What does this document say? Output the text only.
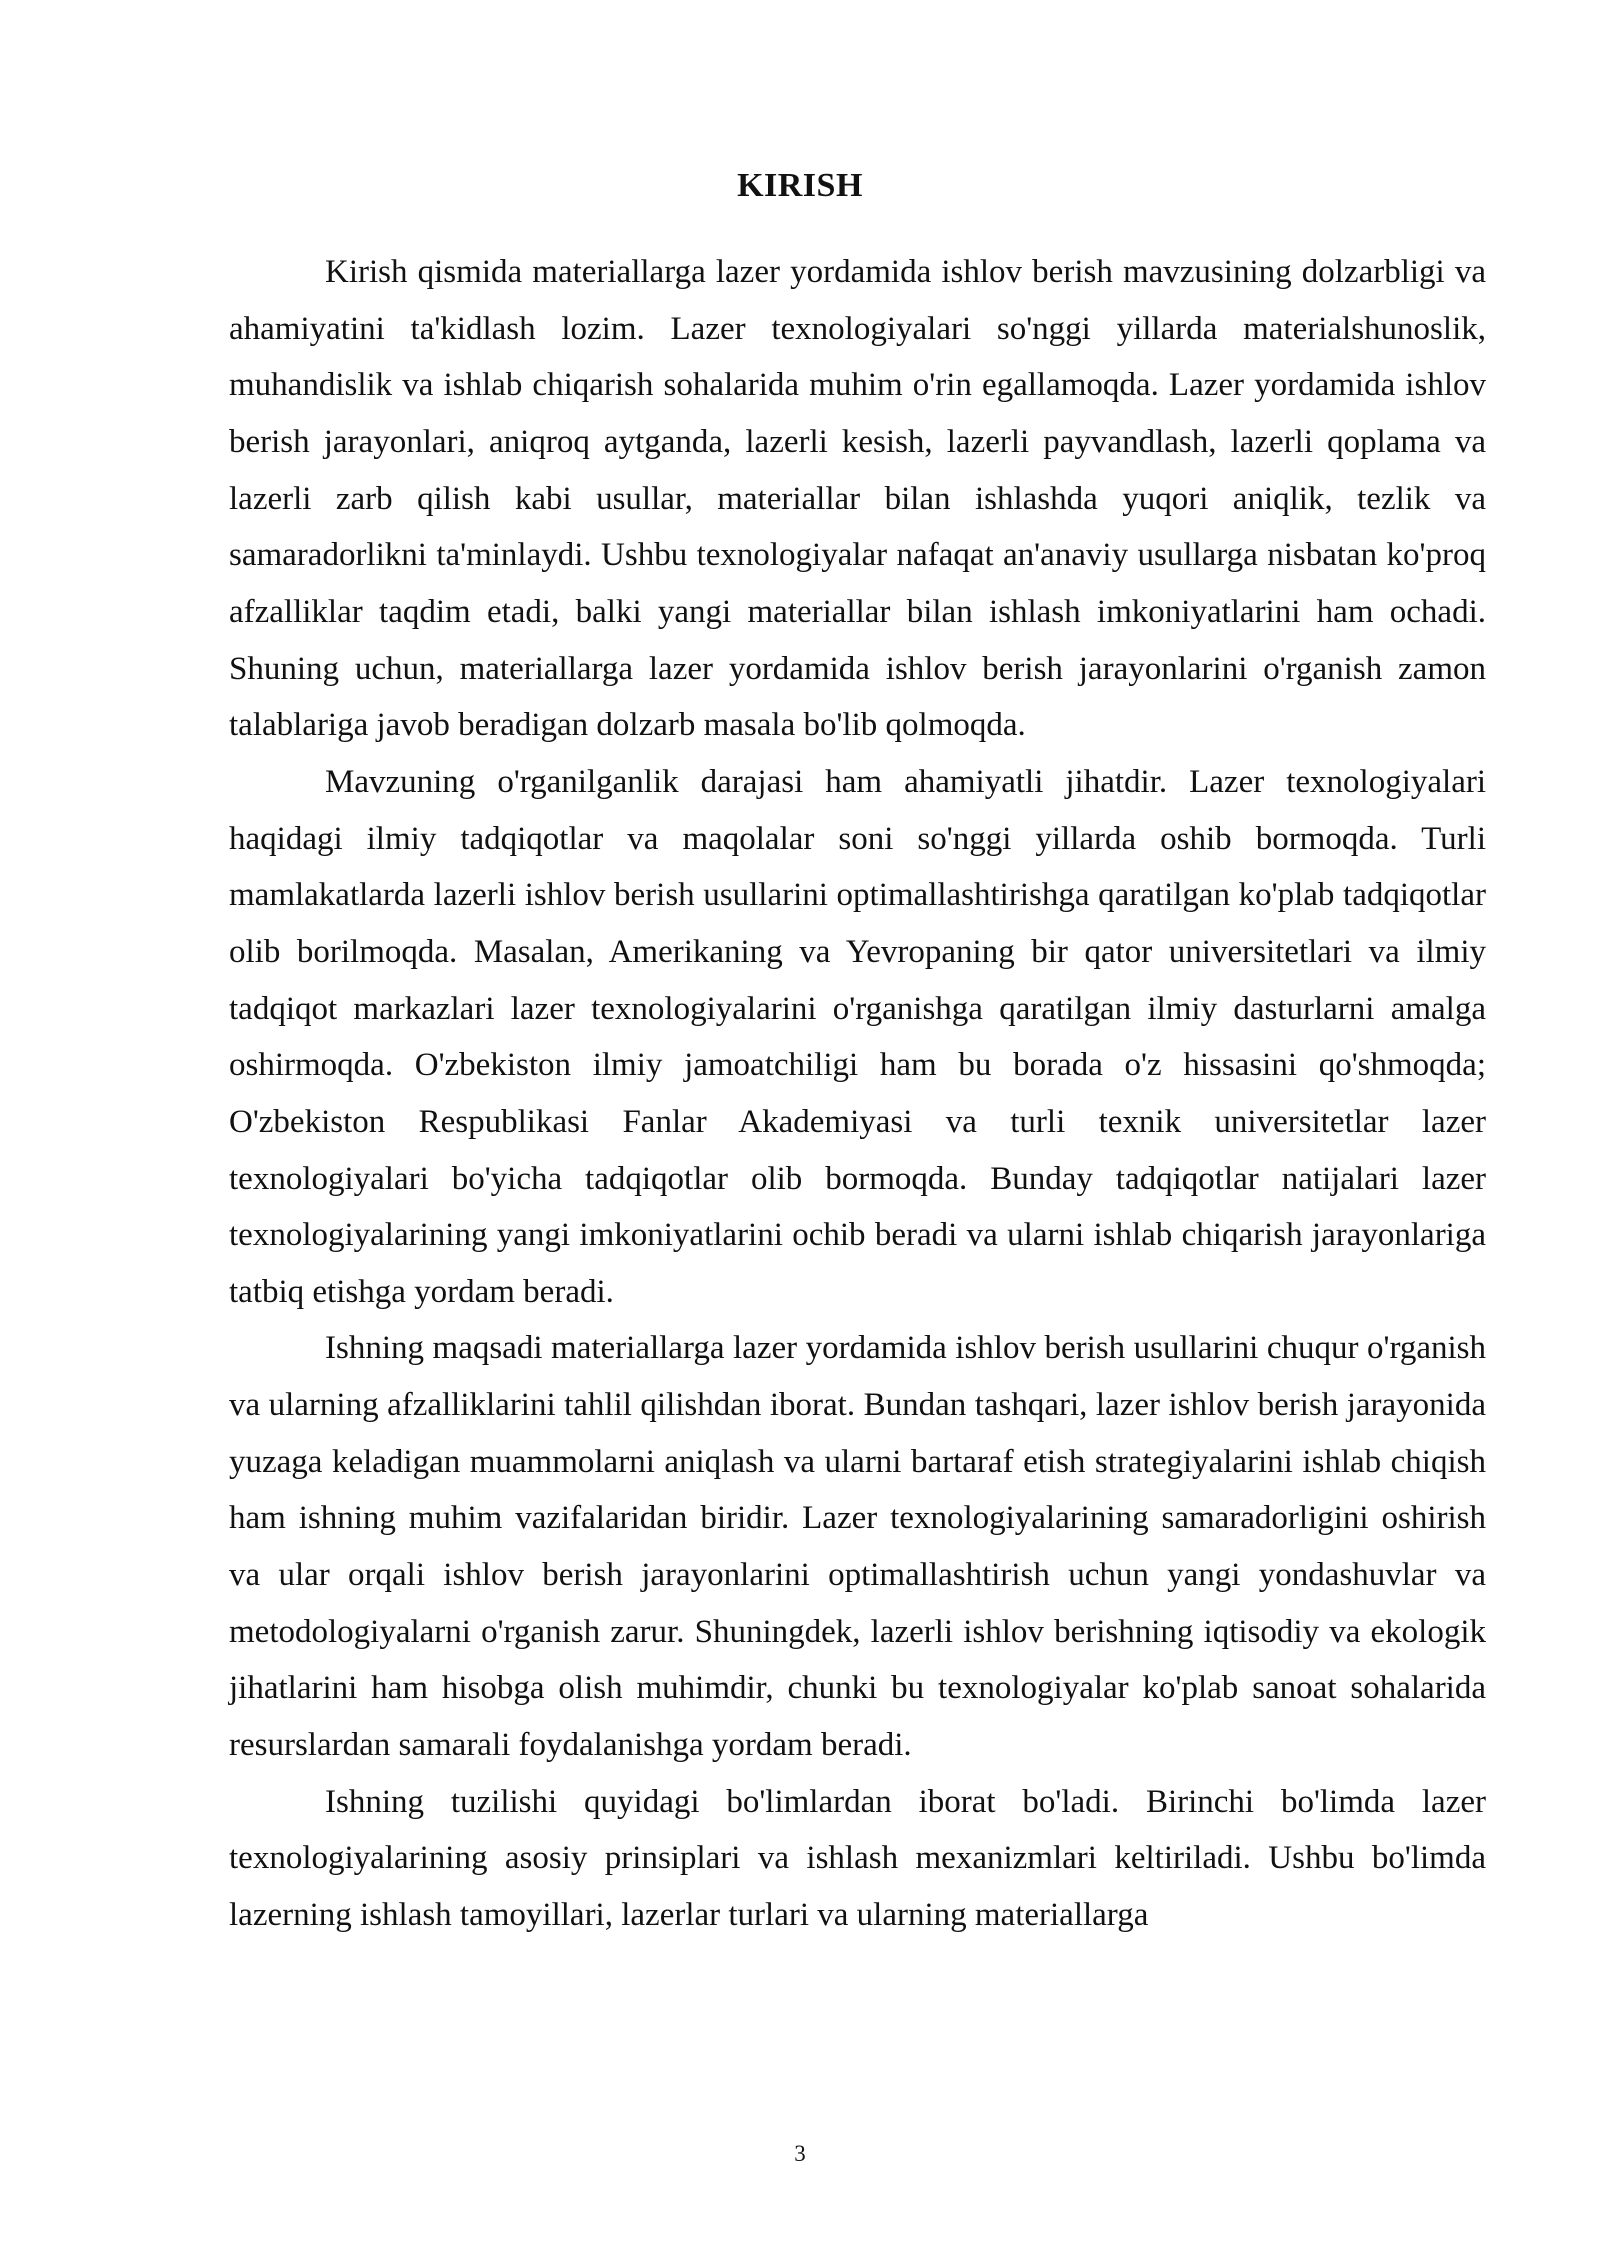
KIRISH

Kirish qismida materiallarga lazer yordamida ishlov berish mavzusining dolzarbligi va ahamiyatini ta'kidlash lozim. Lazer texnologiyalari so'nggi yillarda materialshunoslik, muhandislik va ishlab chiqarish sohalarida muhim o'rin egallamoqda. Lazer yordamida ishlov berish jarayonlari, aniqroq aytganda, lazerli kesish, lazerli payvandlash, lazerli qoplama va lazerli zarb qilish kabi usullar, materiallar bilan ishlashda yuqori aniqlik, tezlik va samaradorlikni ta'minlaydi. Ushbu texnologiyalar nafaqat an'anaviy usullarga nisbatan ko'proq afzalliklar taqdim etadi, balki yangi materiallar bilan ishlash imkoniyatlarini ham ochadi. Shuning uchun, materiallarga lazer yordamida ishlov berish jarayonlarini o'rganish zamon talablariga javob beradigan dolzarb masala bo'lib qolmoqda.

Mavzuning o'rganilganlik darajasi ham ahamiyatli jihatdir. Lazer texnologiyalari haqidagi ilmiy tadqiqotlar va maqolalar soni so'nggi yillarda oshib bormoqda. Turli mamlakatlarda lazerli ishlov berish usullarini optimallashtirishga qaratilgan ko'plab tadqiqotlar olib borilmoqda. Masalan, Amerikaning va Yevropaning bir qator universitetlari va ilmiy tadqiqot markazlari lazer texnologiyalarini o'rganishga qaratilgan ilmiy dasturlarni amalga oshirmoqda. O'zbekiston ilmiy jamoatchiligi ham bu borada o'z hissasini qo'shmoqda; O'zbekiston Respublikasi Fanlar Akademiyasi va turli texnik universitetlar lazer texnologiyalari bo'yicha tadqiqotlar olib bormoqda. Bunday tadqiqotlar natijalari lazer texnologiyalarining yangi imkoniyatlarini ochib beradi va ularni ishlab chiqarish jarayonlariga tatbiq etishga yordam beradi.

Ishning maqsadi materiallarga lazer yordamida ishlov berish usullarini chuqur o'rganish va ularning afzalliklarini tahlil qilishdan iborat. Bundan tashqari, lazer ishlov berish jarayonida yuzaga keladigan muammolarni aniqlash va ularni bartaraf etish strategiyalarini ishlab chiqish ham ishning muhim vazifalaridan biridir. Lazer texnologiyalarining samaradorligini oshirish va ular orqali ishlov berish jarayonlarini optimallashtirish uchun yangi yondashuvlar va metodologiyalarni o'rganish zarur. Shuningdek, lazerli ishlov berishning iqtisodiy va ekologik jihatlarini ham hisobga olish muhimdir, chunki bu texnologiyalar ko'plab sanoat sohalarida resurslardan samarali foydalanishga yordam beradi.

Ishning tuzilishi quyidagi bo'limlardan iborat bo'ladi. Birinchi bo'limda lazer texnologiyalarining asosiy prinsiplari va ishlash mexanizmlari keltiriladi. Ushbu bo'limda lazerning ishlash tamoyillari, lazerlar turlari va ularning materiallarga

3
